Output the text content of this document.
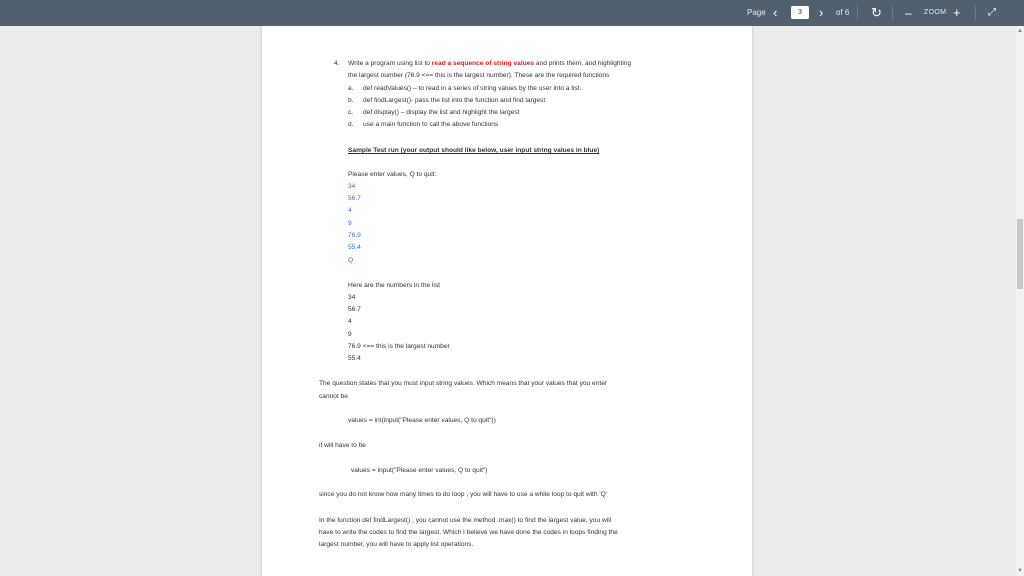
Page ‹
3	› of 6 ↻ – ZOOM +	⤢
4. Write a program using list to read a sequence of string values and prints them, and highlighting
the largest number (76.9 <== this is the largest number). These are the required functions
a. def readValues() – to read in a series of string values by the user into a list.
b. def findLargest()- pass the list into the function and find largest
c. def display() – display the list and highlight the largest
d. use a main function to call the above functions
Sample Test run (your output should like below, user input string values in blue)
Please enter values, Q to quit:
34
56.7
4
9
76.9
55.4
Q
Here are the numbers in the list
34
56.7
4
9
76.9 <== this is the largest number
55.4
The question states that you must input string values. Which means that your values that you enter
cannot be
values = int(input("Please enter values, Q to quit"))
it will have to be
values = input("Please enter values, Q to quit")
since you do not know how many times to do loop , you will have to use a while loop to quit with 'Q'
In the function def findLargest() , you cannot use the method .max() to find the largest value, you will
have to write the codes to find the largest. Which I believe we have done the codes in loops finding the
largest number, you will have to apply list operations.
▲
▼
